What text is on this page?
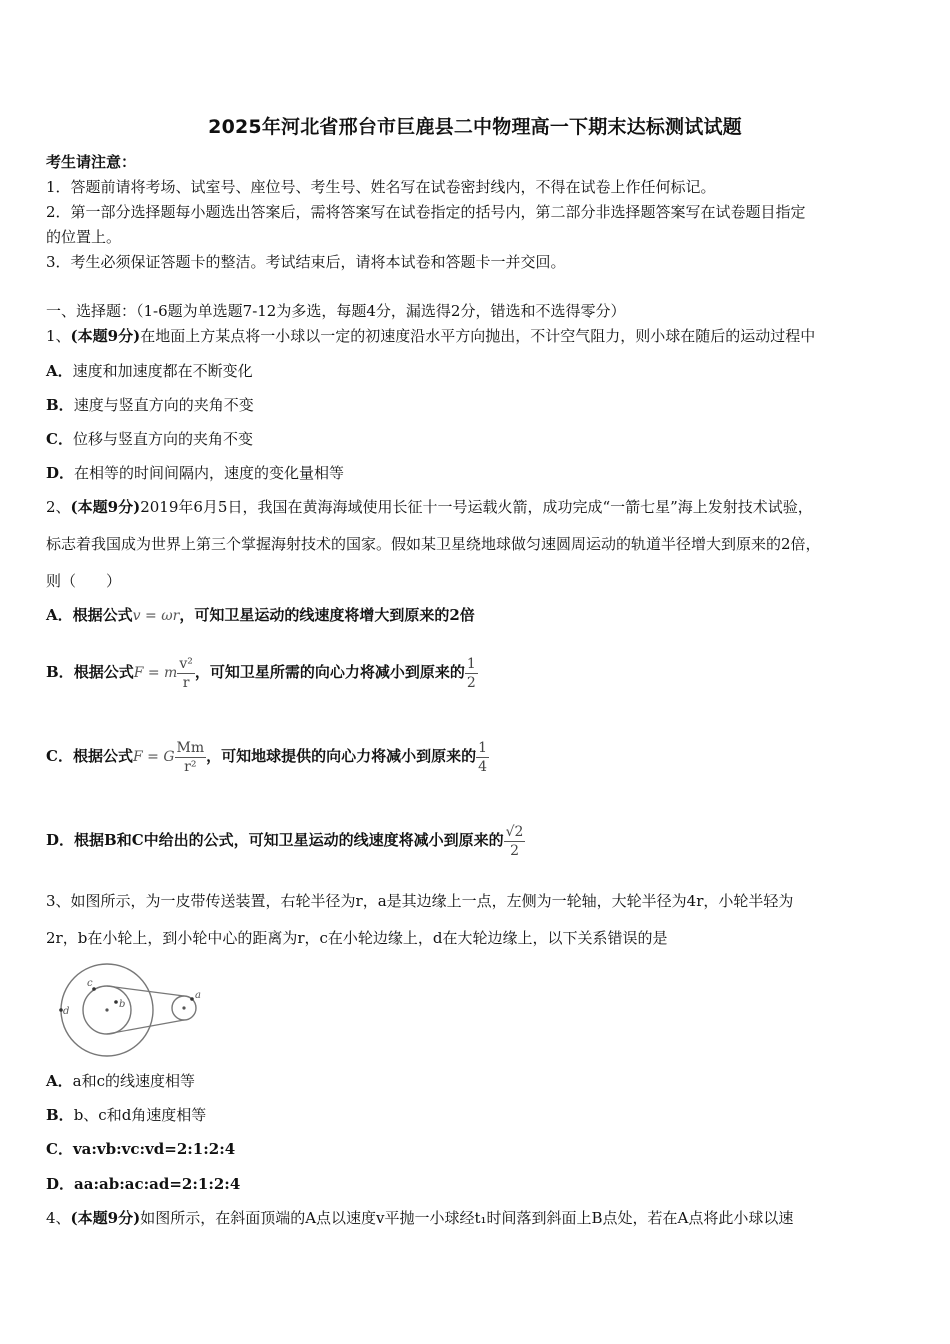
2025年河北省邢台市巨鹿县二中物理高一下期末达标测试试题
考生请注意：
1．答题前请将考场、试室号、座位号、考生号、姓名写在试卷密封线内，不得在试卷上作任何标记。
2．第一部分选择题每小题选出答案后，需将答案写在试卷指定的括号内，第二部分非选择题答案写在试卷题目指定
的位置上。
3．考生必须保证答题卡的整洁。考试结束后，请将本试卷和答题卡一并交回。
一、选择题：（1-6题为单选题7-12为多选，每题4分，漏选得2分，错选和不选得零分）
1、(本题9分)在地面上方某点将一小球以一定的初速度沿水平方向抛出，不计空气阻力，则小球在随后的运动过程中
A．速度和加速度都在不断变化
B．速度与竖直方向的夹角不变
C．位移与竖直方向的夹角不变
D．在相等的时间间隔内，速度的变化量相等
2、(本题9分)2019年6月5日，我国在黄海海域使用长征十一号运载火箭，成功完成“一箭七星”海上发射技术试验，
标志着我国成为世界上第三个掌握海射技术的国家。假如某卫星绕地球做匀速圆周运动的轨道半径增大到原来的2倍，
则（　　）
A．根据公式v = ωr，可知卫星运动的线速度将增大到原来的2倍
B．根据公式F = m $\frac{\text{v²}}{r}$ ，可知卫星所需的向心力将减小到原来的 $\frac{1}{2}$
C．根据公式F = G $\frac{Mm}{\text{r²}}$ ，可知地球提供的向心力将减小到原来的 $\frac{1}{4}$
D．根据B和C中给出的公式，可知卫星运动的线速度将减小到原来的 $\frac{√2}{2}$
3、如图所示，为一皮带传送装置，右轮半径为r，a是其边缘上一点，左侧为一轮轴，大轮半径为4r，小轮半轻为
2r，b在小轮上，到小轮中心的距离为r，c在小轮边缘上，d在大轮边缘上，以下关系错误的是
b
c
d
a
A．a和c的线速度相等
B．b、c和d角速度相等
C．va:vb:vc:vd=2:1:2:4
D．aa:ab:ac:ad=2:1:2:4
4、(本题9分)如图所示，在斜面顶端的A点以速度v平抛一小球经t₁时间落到斜面上B点处，若在A点将此小球以速
